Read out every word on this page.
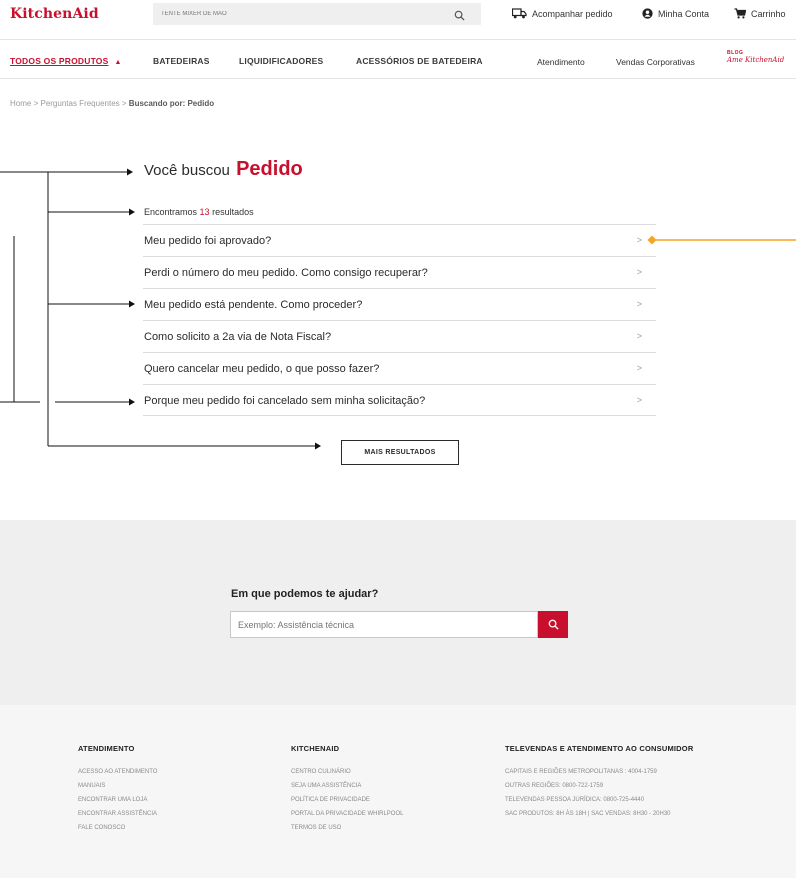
KitchenAid
TENTE MIXER DE MÃO	Acompanhar pedido	Minha Conta	Carrinho
TODOS OS PRODUTOS ▲	BATEDEIRAS	LIQUIDIFICADORES	ACESSÓRIOS DE BATEDEIRA	Atendimento	Vendas Corporativas
BLOG
Ame KitchenAid
Home > Perguntas Frequentes > Buscando por: Pedido
Você buscou Pedido
Encontramos 13 resultados
Meu pedido foi aprovado?	>
Perdi o número do meu pedido. Como consigo recuperar?	>
Meu pedido está pendente. Como proceder?	>
Como solicito a 2a via de Nota Fiscal?	>
Quero cancelar meu pedido, o que posso fazer?	>
Porque meu pedido foi cancelado sem minha solicitação?	>
MAIS RESULTADOS
Em que podemos te ajudar?
Exemplo: Assistência técnica
ATENDIMENTO
ACESSO AO ATENDIMENTO
MANUAIS
ENCONTRAR UMA LOJA
ENCONTRAR ASSISTÊNCIA
FALE CONOSCO
KITCHENAID
CENTRO CULINÁRIO
SEJA UMA ASSISTÊNCIA
POLÍTICA DE PRIVACIDADE
PORTAL DA PRIVACIDADE WHIRLPOOL
TERMOS DE USO
TELEVENDAS E ATENDIMENTO AO CONSUMIDOR
CAPITAIS E REGIÕES METROPOLITANAS : 4004-1759
OUTRAS REGIÕES: 0800-722-1759
TELEVENDAS PESSOA JURÍDICA: 0800-725-4440
SAC PRODUTOS: 8H ÀS 18H | SAC VENDAS: 8H30 - 20H30
